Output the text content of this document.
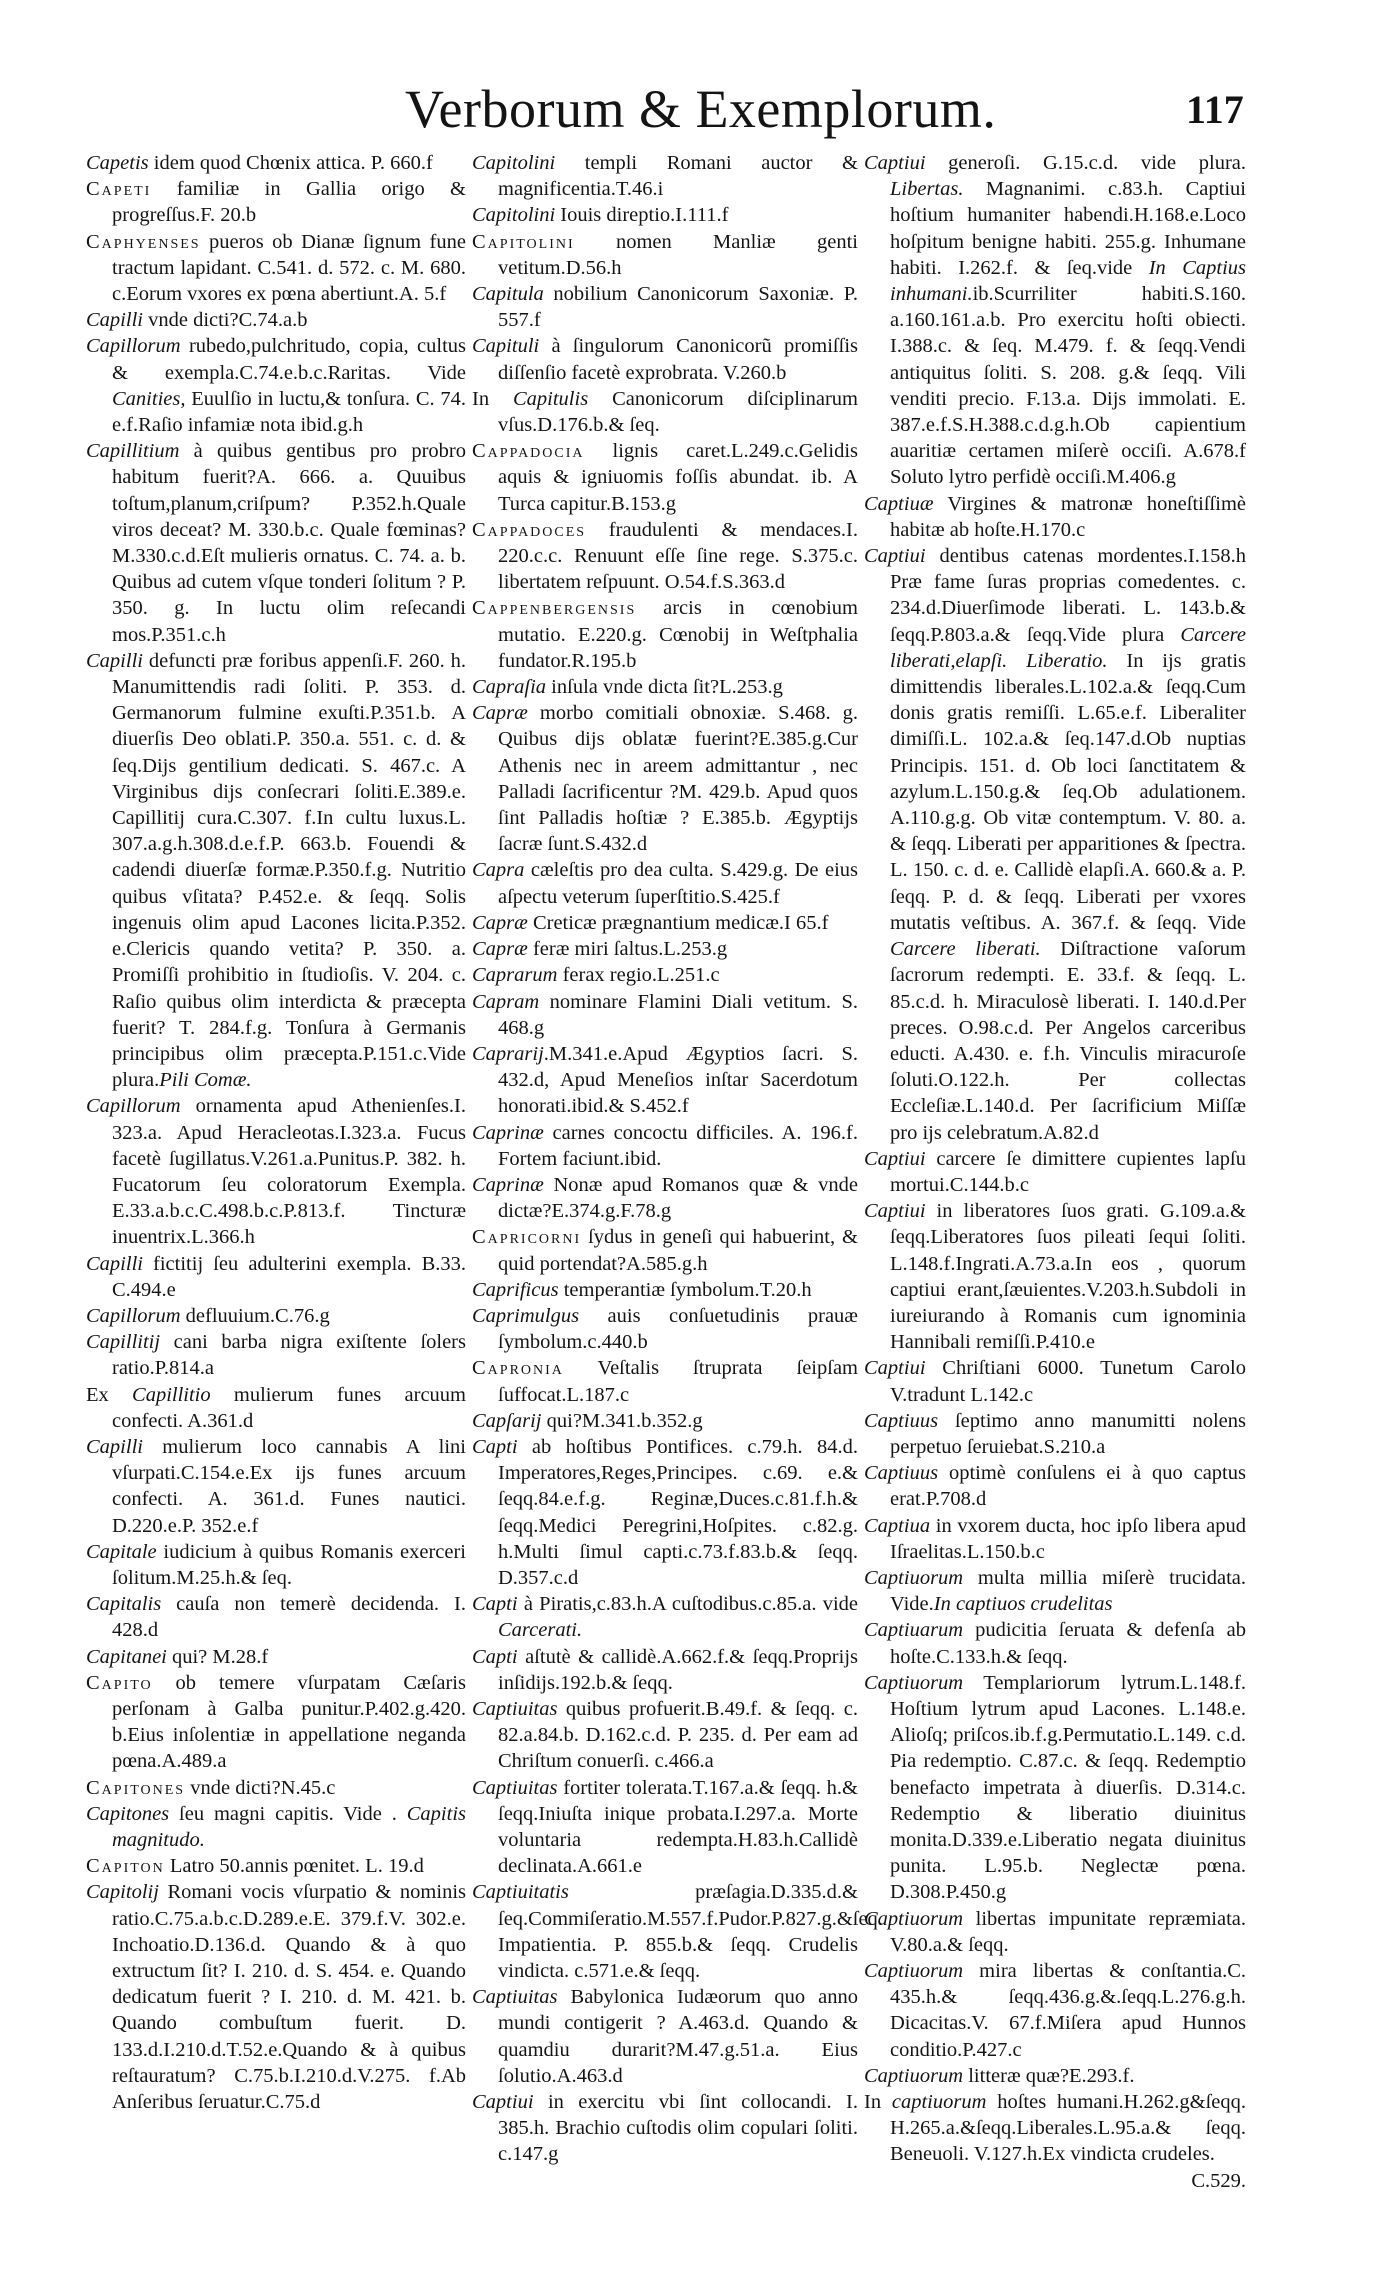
Verborum & Exemplorum.	117

Capetis idem quod Chœnix attica. P. 660.f

Capeti familiæ in Gallia origo & progreſſus.F. 20.b

Caphyenses pueros ob Dianæ ſignum fune tractum lapidant. C.541. d. 572. c. M. 680. c.Eorum vxores ex pœna abertiunt.A. 5.f

Capilli vnde dicti?C.74.a.b

Capillorum rubedo,pulchritudo, copia, cultus & exempla.C.74.e.b.c.Raritas. Vide Canities, Euulſio in luctu,& tonſura. C. 74. e.f.Raſio infamiæ nota ibid.g.h

Capillitium à quibus gentibus pro probro habitum fuerit?A. 666. a. Quuibus toſtum,planum,criſpum? P.352.h.Quale viros deceat? M. 330.b.c. Quale fœminas? M.330.c.d.Eſt mulieris ornatus. C. 74. a. b. Quibus ad cutem vſque tonderi ſolitum ? P. 350. g. In luctu olim reſecandi mos.P.351.c.h

Capilli defuncti præ foribus appenſi.F. 260. h. Manumittendis radi ſoliti. P. 353. d. Germanorum fulmine exuſti.P.351.b. A diuerſis Deo oblati.P. 350.a. 551. c. d. & ſeq.Dijs gentilium dedicati. S. 467.c. A Virginibus dijs conſecrari ſoliti.E.389.e. Capillitij cura.C.307. f.In cultu luxus.L. 307.a.g.h.308.d.e.f.P. 663.b. Fouendi & cadendi diuerſæ formæ.P.350.f.g. Nutritio quibus vſitata? P.452.e. & ſeqq. Solis ingenuis olim apud Lacones licita.P.352. e.Clericis quando vetita? P. 350. a. Promiſſi prohibitio in ſtudioſis. V. 204. c. Raſio quibus olim interdicta & præcepta fuerit? T. 284.f.g. Tonſura à Germanis principibus olim præcepta.P.151.c.Vide plura.Pili Comæ.

Capillorum ornamenta apud Athenienſes.I. 323.a. Apud Heracleotas.I.323.a. Fucus facetè ſugillatus.V.261.a.Punitus.P. 382. h. Fucatorum ſeu coloratorum Exempla. E.33.a.b.c.C.498.b.c.P.813.f. Tincturæ inuentrix.L.366.h

Capilli fictitij ſeu adulterini exempla. B.33. C.494.e

Capillorum defluuium.C.76.g

Capillitij cani barba nigra exiſtente ſolers ratio.P.814.a

Ex Capillitio mulierum funes arcuum confecti. A.361.d

Capilli mulierum loco cannabis A lini vſurpati.C.154.e.Ex ijs funes arcuum confecti. A. 361.d. Funes nautici. D.220.e.P. 352.e.f

Capitale iudicium à quibus Romanis exerceri ſolitum.M.25.h.& ſeq.

Capitalis cauſa non temerè decidenda. I. 428.d

Capitanei qui? M.28.f

Capito ob temere vſurpatam Cæſaris perſonam à Galba punitur.P.402.g.420. b.Eius inſolentiæ in appellatione neganda pœna.A.489.a

Capitones vnde dicti?N.45.c

Capitones ſeu magni capitis. Vide . Capitis magnitudo.

Capiton Latro 50.annis pœnitet. L. 19.d

Capitolij Romani vocis vſurpatio & nominis ratio.C.75.a.b.c.D.289.e.E. 379.f.V. 302.e. Inchoatio.D.136.d. Quando & à quo extructum ſit? I. 210. d. S. 454. e. Quando dedicatum fuerit ? I. 210. d. M. 421. b. Quando combuſtum fuerit. D. 133.d.I.210.d.T.52.e.Quando & à quibus reſtauratum? C.75.b.I.210.d.V.275. f.Ab Anſeribus ſeruatur.C.75.d

Capitolini templi Romani auctor & magnificentia.T.46.i

Capitolini Iouis direptio.I.111.f

Capitolini nomen Manliæ genti vetitum.D.56.h

Capitula nobilium Canonicorum Saxoniæ. P. 557.f

Capituli à ſingulorum Canonicorũ promiſſis diſſenſio facetè exprobrata. V.260.b

In Capitulis Canonicorum diſciplinarum vſus.D.176.b.& ſeq.

Cappadocia lignis caret.L.249.c.Gelidis aquis & igniuomis foſſis abundat. ib. A Turca capitur.B.153.g

Cappadoces fraudulenti & mendaces.I. 220.c.c. Renuunt eſſe ſine rege. S.375.c. libertatem reſpuunt. O.54.f.S.363.d

Cappenbergensis arcis in cœnobium mutatio. E.220.g. Cœnobij in Weſtphalia fundator.R.195.b

Capraſia inſula vnde dicta ſit?L.253.g

Capræ morbo comitiali obnoxiæ. S.468. g. Quibus dijs oblatæ fuerint?E.385.g.Cur Athenis nec in areem admittantur , nec Palladi ſacrificentur ?M. 429.b. Apud quos ſint Palladis hoſtiæ ? E.385.b. Ægyptijs ſacræ ſunt.S.432.d

Capra cæleſtis pro dea culta. S.429.g. De eius aſpectu veterum ſuperſtitio.S.425.f

Capræ Creticæ prægnantium medicæ.I 65.f

Capræ feræ miri ſaltus.L.253.g

Caprarum ferax regio.L.251.c

Capram nominare Flamini Diali vetitum. S. 468.g

Caprarij.M.341.e.Apud Ægyptios ſacri. S. 432.d, Apud Meneſios inſtar Sacerdotum honorati.ibid.& S.452.f

Caprinæ carnes concoctu difficiles. A. 196.f. Fortem faciunt.ibid.

Caprinæ Nonæ apud Romanos quæ & vnde dictæ?E.374.g.F.78.g

Capricorni ſydus in geneſi qui habuerint, & quid portendat?A.585.g.h

Caprificus temperantiæ ſymbolum.T.20.h

Caprimulgus auis conſuetudinis prauæ ſymbolum.c.440.b

Capronia Veſtalis ſtruprata ſeipſam ſuffocat.L.187.c

Capſarij qui?M.341.b.352.g

Capti ab hoſtibus Pontifices. c.79.h. 84.d. Imperatores,Reges,Principes. c.69. e.& ſeqq.84.e.f.g. Reginæ,Duces.c.81.f.h.& ſeqq.Medici Peregrini,Hoſpites. c.82.g. h.Multi ſimul capti.c.73.f.83.b.& ſeqq. D.357.c.d

Capti à Piratis,c.83.h.A cuſtodibus.c.85.a. vide Carcerati.

Capti aſtutè & callidè.A.662.f.& ſeqq.Proprijs inſidijs.192.b.& ſeqq.

Captiuitas quibus profuerit.B.49.f. & ſeqq. c. 82.a.84.b. D.162.c.d. P. 235. d. Per eam ad Chriſtum conuerſi. c.466.a

Captiuitas fortiter tolerata.T.167.a.& ſeqq. h.& ſeqq.Iniuſta inique probata.I.297.a. Morte voluntaria redempta.H.83.h.Callidè declinata.A.661.e

Captiuitatis præſagia.D.335.d.& ſeq.Commiſeratio.M.557.f.Pudor.P.827.g.&ſeq. Impatientia. P. 855.b.& ſeqq. Crudelis vindicta. c.571.e.& ſeqq.

Captiuitas Babylonica Iudæorum quo anno mundi contigerit ? A.463.d. Quando & quamdiu durarit?M.47.g.51.a. Eius ſolutio.A.463.d

Captiui in exercitu vbi ſint collocandi. I. 385.h. Brachio cuſtodis olim copulari ſoliti. c.147.g

Captiui generoſi. G.15.c.d. vide plura. Libertas. Magnanimi. c.83.h. Captiui hoſtium humaniter habendi.H.168.e.Loco hoſpitum benigne habiti. 255.g. Inhumane habiti. I.262.f. & ſeq.vide In Captius inhumani.ib.Scurriliter habiti.S.160. a.160.161.a.b. Pro exercitu hoſti obiecti. I.388.c. & ſeq. M.479. f. & ſeqq.Vendi antiquitus ſoliti. S. 208. g.& ſeqq. Vili venditi precio. F.13.a. Dijs immolati. E. 387.e.f.S.H.388.c.d.g.h.Ob capientium auaritiæ certamen miſerè occiſi. A.678.f Soluto lytro perfidè occiſi.M.406.g

Captiuæ Virgines & matronæ honeſtiſſimè habitæ ab hoſte.H.170.c

Captiui dentibus catenas mordentes.I.158.h Præ fame ſuras proprias comedentes. c. 234.d.Diuerſimode liberati. L. 143.b.& ſeqq.P.803.a.& ſeqq.Vide plura Carcere liberati,elapſi. Liberatio. In ijs gratis dimittendis liberales.L.102.a.& ſeqq.Cum donis gratis remiſſi. L.65.e.f. Liberaliter dimiſſi.L. 102.a.& ſeq.147.d.Ob nuptias Principis. 151. d. Ob loci ſanctitatem & azylum.L.150.g.& ſeq.Ob adulationem. A.110.g.g. Ob vitæ contemptum. V. 80. a. & ſeqq. Liberati per apparitiones & ſpectra. L. 150. c. d. e. Callidè elapſi.A. 660.& a. P. ſeqq. P. d. & ſeqq. Liberati per vxores mutatis veſtibus. A. 367.f. & ſeqq. Vide Carcere liberati. Diſtractione vaſorum ſacrorum redempti. E. 33.f. & ſeqq. L. 85.c.d. h. Miraculosè liberati. I. 140.d.Per preces. O.98.c.d. Per Angelos carceribus educti. A.430. e. f.h. Vinculis miracuroſe ſoluti.O.122.h. Per collectas Eccleſiæ.L.140.d. Per ſacrificium Miſſæ pro ijs celebratum.A.82.d

Captiui carcere ſe dimittere cupientes lapſu mortui.C.144.b.c

Captiui in liberatores ſuos grati. G.109.a.& ſeqq.Liberatores ſuos pileati ſequi ſoliti. L.148.f.Ingrati.A.73.a.In eos , quorum captiui erant,ſæuientes.V.203.h.Subdoli in iureiurando à Romanis cum ignominia Hannibali remiſſi.P.410.e

Captiui Chriſtiani 6000. Tunetum Carolo V.tradunt L.142.c

Captiuus ſeptimo anno manumitti nolens perpetuo ſeruiebat.S.210.a

Captiuus optimè conſulens ei à quo captus erat.P.708.d

Captiua in vxorem ducta, hoc ipſo libera apud Iſraelitas.L.150.b.c

Captiuorum multa millia miſerè trucidata. Vide.In captiuos crudelitas

Captiuarum pudicitia ſeruata & defenſa ab hoſte.C.133.h.& ſeqq.

Captiuorum Templariorum lytrum.L.148.f. Hoſtium lytrum apud Lacones. L.148.e. Alioſq; priſcos.ib.f.g.Permutatio.L.149. c.d. Pia redemptio. C.87.c. & ſeqq. Redemptio benefacto impetrata à diuerſis. D.314.c. Redemptio & liberatio diuinitus monita.D.339.e.Liberatio negata diuinitus punita. L.95.b. Neglectæ pœna. D.308.P.450.g

Captiuorum libertas impunitate repræmiata. V.80.a.& ſeqq.

Captiuorum mira libertas & conſtantia.C. 435.h.& ſeqq.436.g.&.ſeqq.L.276.g.h. Dicacitas.V. 67.f.Miſera apud Hunnos conditio.P.427.c

Captiuorum litteræ quæ?E.293.f.

In captiuorum hoſtes humani.H.262.g&ſeqq. H.265.a.&ſeqq.Liberales.L.95.a.& ſeqq. Beneuoli. V.127.h.Ex vindicta crudeles.
C.529.
